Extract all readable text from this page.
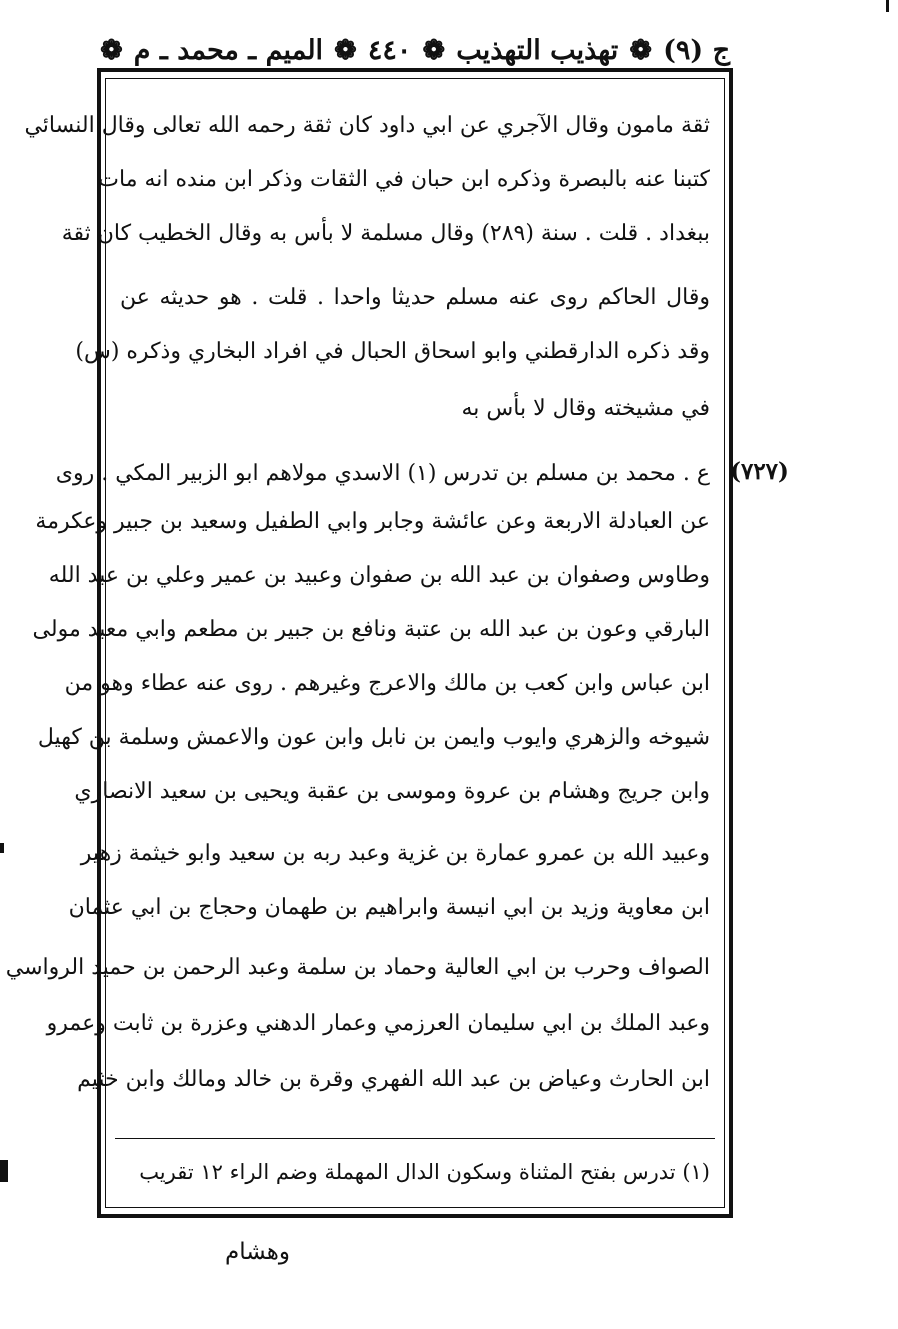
ج (٩)
❁
تهذيب التهذيب
❁
٤٤٠
❁
الميم ـ محمد ـ م
❁
ثقة مامون وقال الآجري عن ابي داود كان ثقة رحمه الله تعالى وقال النسائي
كتبنا عنه بالبصرة وذكره ابن حبان في الثقات وذكر ابن منده انه مات
ببغداد . قلت . سنة (٢٨٩) وقال مسلمة لا بأس به وقال الخطيب كان ثقة
وقال الحاكم روى عنه مسلم حديثا واحدا . قلت . هو حديثه عن
وقد ذكره الدارقطني وابو اسحاق الحبال في افراد البخاري وذكره (س)
في مشيخته وقال لا بأس به
ع . محمد بن مسلم بن تدرس (١) الاسدي مولاهم ابو الزبير المكي . روى (٧٢٧)
عن العبادلة الاربعة وعن عائشة وجابر وابي الطفيل وسعيد بن جبير وعكرمة
وطاوس وصفوان بن عبد الله بن صفوان وعبيد بن عمير وعلي بن عبد الله
البارقي وعون بن عبد الله بن عتبة ونافع بن جبير بن مطعم وابي معبد مولى
ابن عباس وابن كعب بن مالك والاعرج وغيرهم . روى عنه عطاء وهو من
شيوخه والزهري وايوب وايمن بن نابل وابن عون والاعمش وسلمة بن كهيل
وابن جريج وهشام بن عروة وموسى بن عقبة ويحيى بن سعيد الانصاري
وعبيد الله بن عمرو عمارة بن غزية وعبد ربه بن سعيد وابو خيثمة زهير
ابن معاوية وزيد بن ابي انيسة وابراهيم بن طهمان وحجاج بن ابي عثمان
الصواف وحرب بن ابي العالية وحماد بن سلمة وعبد الرحمن بن حميد الرواسي
وعبد الملك بن ابي سليمان العرزمي وعمار الدهني وعزرة بن ثابت وعمرو
ابن الحارث وعياض بن عبد الله الفهري وقرة بن خالد ومالك وابن خثيم
(١) تدرس بفتح المثناة وسكون الدال المهملة وضم الراء ١٢ تقريب
وهشام
